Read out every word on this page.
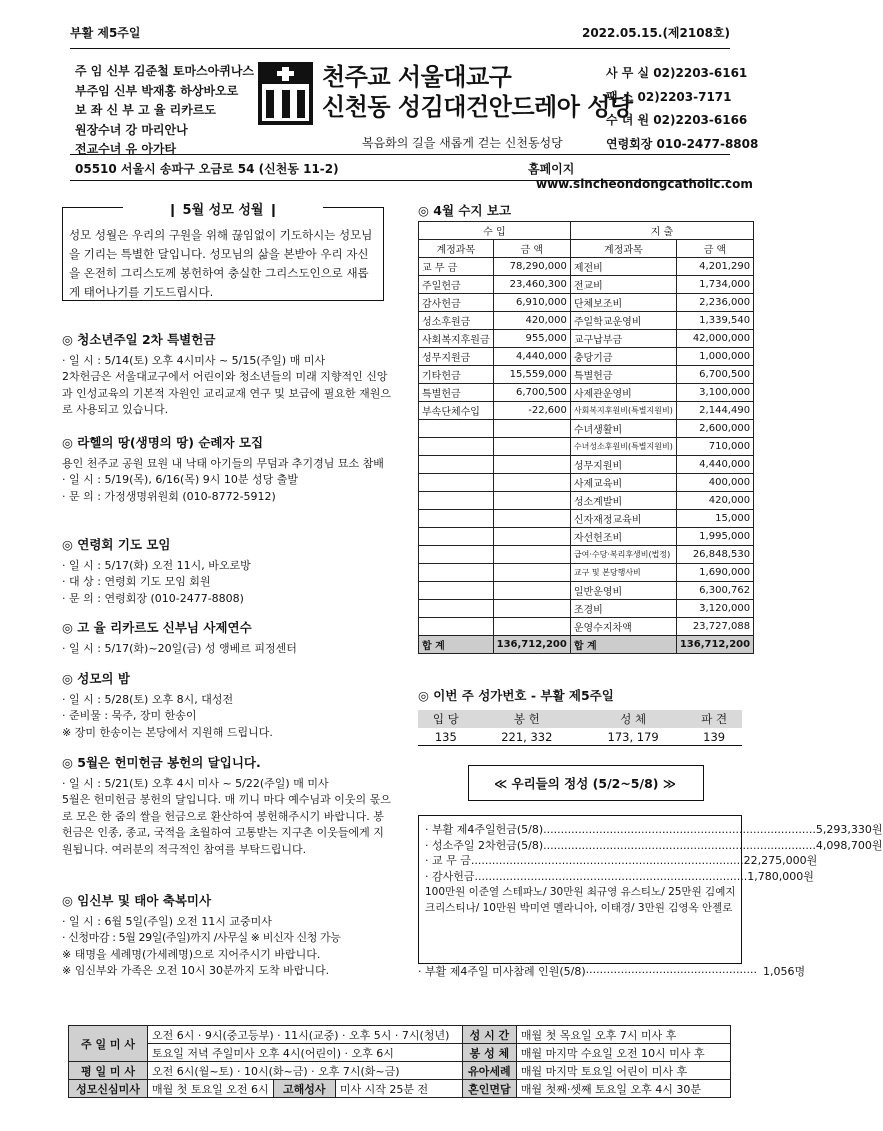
부활 제5주일	2022.05.15.(제2108호)
주 임 신부 김준철 토마스아퀴나스
부주임 신부 박재홍 하상바오로
보 좌 신 부 고 율 리카르도
원장수녀 강 마리안나
전교수녀 유 아가타
천주교 서울대교구
신천동 성김대건안드레아 성당
복음화의 길을 새롭게 걷는 신천동성당
사 무 실 02)2203-6161
팩 스 02)2203-7171
수 녀 원 02)2203-6166
연령회장 010-2477-8808
05510 서울시 송파구 오금로 54 (신천동 11-2)	홈페이지 www.sincheondongcatholic.com
❙ 5월 성모 성월 ❙
성모 성월은 우리의 구원을 위해 끊임없이 기도하시는 성모님을 기리는 특별한 달입니다. 성모님의 삶을 본받아 우리 자신을 온전히 그리스도께 봉헌하여 충실한 그리스도인으로 새롭게 태어나기를 기도드립시다.
◎ 청소년주일 2차 특별헌금

· 일 시 : 5/14(토) 오후 4시미사 ~ 5/15(주일) 매 미사

2차헌금은 서울대교구에서 어린이와 청소년들의 미래 지향적인 신앙과 인성교육의 기본적 자원인 교리교재 연구 및 보급에 필요한 재원으로 사용되고 있습니다.

◎ 라헬의 땅(생명의 땅) 순례자 모집

용인 천주교 공원 묘원 내 낙태 아기들의 무덤과 추기경님 묘소 참배

· 일 시 : 5/19(목), 6/16(목) 9시 10분 성당 출발

· 문 의 : 가정생명위원회 (010-8772-5912)

◎ 연령회 기도 모임

· 일 시 : 5/17(화) 오전 11시, 바오로방

· 대 상 : 연령회 기도 모임 회원

· 문 의 : 연령회장 (010-2477-8808)

◎ 고 율 리카르도 신부님 사제연수

· 일 시 : 5/17(화)~20일(금) 성 앵베르 피정센터

◎ 성모의 밤

· 일 시 : 5/28(토) 오후 8시, 대성전

· 준비물 : 묵주, 장미 한송이

※ 장미 한송이는 본당에서 지원해 드립니다.

◎ 5월은 헌미헌금 봉헌의 달입니다.

· 일 시 : 5/21(토) 오후 4시 미사 ~ 5/22(주일) 매 미사

5월은 헌미헌금 봉헌의 달입니다. 매 끼니 마다 예수님과 이웃의 몫으로 모은 한 줌의 쌀을 헌금으로 환산하여 봉헌해주시기 바랍니다. 봉헌금은 인종, 종교, 국적을 초월하여 고통받는 지구촌 이웃들에게 지원됩니다. 여러분의 적극적인 참여를 부탁드립니다.

◎ 임신부 및 태아 축복미사

· 일 시 : 6월 5일(주일) 오전 11시 교중미사

· 신청마감 : 5월 29일(주일)까지 /사무실 ※ 비신자 신청 가능

※ 태명을 세례명(가세례명)으로 지어주시기 바랍니다.

※ 임신부와 가족은 오전 10시 30분까지 도착 바랍니다.

◎ 4월 수지 보고
수 입		지 출	
계정과목	금 액	계정과목	금 액
교 무 금	78,290,000	제전비	4,201,290
주일헌금	23,460,300	전교비	1,734,000
감사헌금	6,910,000	단체보조비	2,236,000
성소후원금	420,000	주일학교운영비	1,339,540
사회복지후원금	955,000	교구납부금	42,000,000
성무지원금	4,440,000	충당기금	1,000,000
기타헌금	15,559,000	특별헌금	6,700,500
특별헌금	6,700,500	사제관운영비	3,100,000
부속단체수입	-22,600	사회복지후원비(특별지원비)	2,144,490
		수녀생활비	2,600,000
		수녀성소후원비(특별지원비)	710,000
		성무지원비	4,440,000
		사제교육비	400,000
		성소계발비	420,000
		신자재정교육비	15,000
		자선헌조비	1,995,000
		급여·수당·복리후생비(법정)	26,848,530
		교구 및 본당행사비	1,690,000
		일반운영비	6,300,762
		조경비	3,120,000
		운영수지차액	23,727,088
합 계	136,712,200	합 계	136,712,200
◎ 이번 주 성가번호 - 부활 제5주일
입 당	봉 헌	성 체	파 견
135	221, 332	173, 179	139
≪ 우리들의 정성 (5/2~5/8) ≫
· 부활 제4주일헌금(5/8) .............................................................................. 5,293,330원
· 성소주일 2차헌금(5/8) .............................................................................. 4,098,700원
· 교 무 금 .............................................................................. 22,275,000원
· 감사헌금 .............................................................................. 1,780,000원
100만원 이준열 스테파노/ 30만원 최규영 유스티노/ 25만원 김예지 크리스티나/ 10만원 박미연 멜라니아, 이태경/ 3만원 김영옥 안젤로
· 부활 제4주일 미사참례 인원(5/8) ................................................. 1,056명
주 일 미 사	오전 6시 · 9시(중고등부) · 11시(교중) · 오후 5시 · 7시(청년)			성 시 간	매월 첫 목요일 오후 7시 미사 후
	토요일 저녁 주일미사 오후 4시(어린이) · 오후 6시			봉 성 체	매월 마지막 수요일 오전 10시 미사 후
평 일 미 사	오전 6시(월~토) · 10시(화~금) · 오후 7시(화~금)			유아세례	매월 마지막 토요일 어린이 미사 후
성모신심미사	매월 첫 토요일 오전 6시	고해성사	미사 시작 25분 전	혼인면담	매월 첫째·셋째 토요일 오후 4시 30분
